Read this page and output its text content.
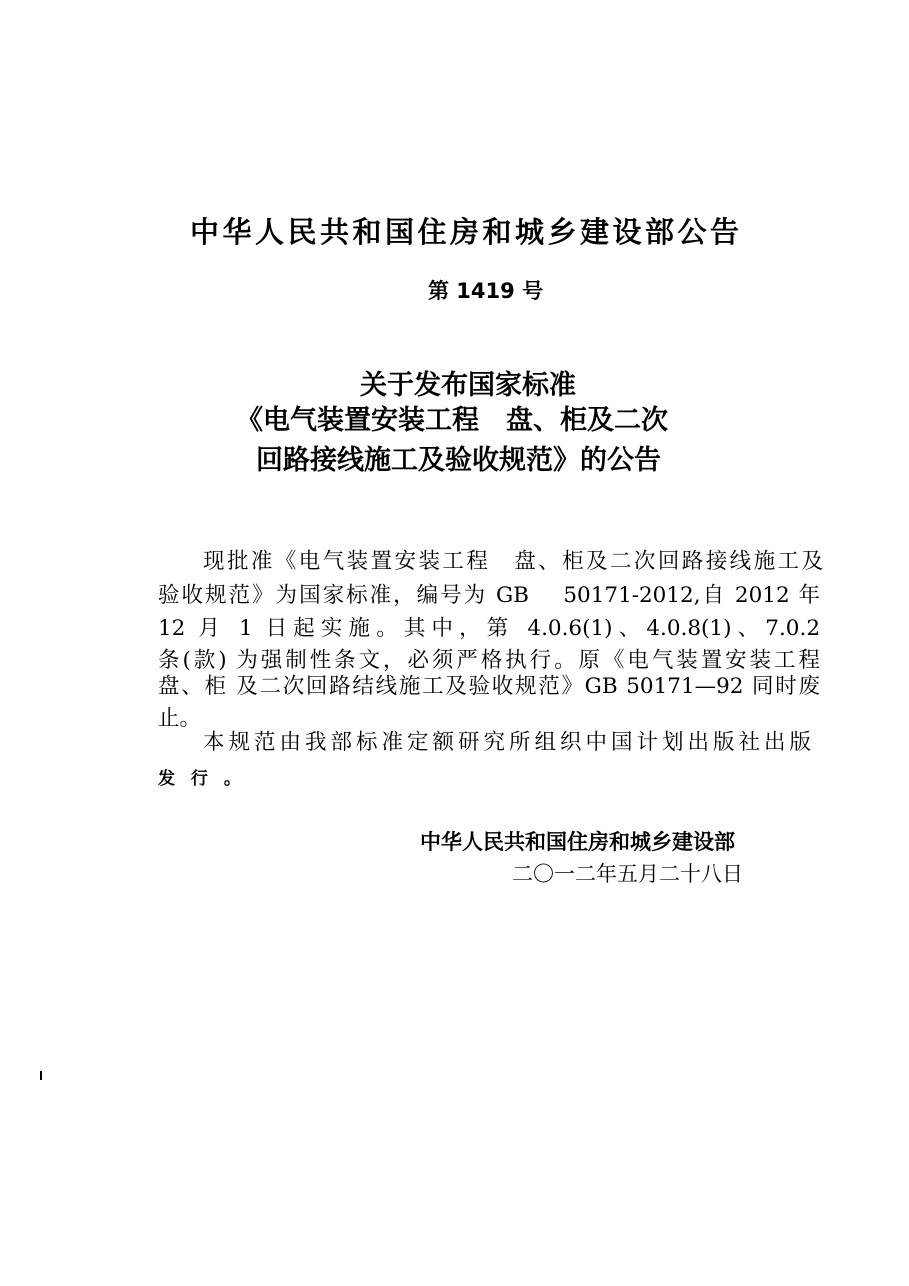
中华人民共和国住房和城乡建设部公告
第 1419 号
关于发布国家标准
《电气装置安装工程　盘、柜及二次
回路接线施工及验收规范》的公告
现批准《电气装置安装工程　盘、柜及二次回路接线施工及
验收规范》为国家标准，编号为 GB　 50171-2012,自 2012 年
12 月 1 日起实施。其中，第 4.0.6(1)、4.0.8(1)、7.0.2
条(款) 为强制性条文，必须严格执行。原《电气装置安装工程
盘、柜 及二次回路结线施工及验收规范》GB 50171—92 同时废
止。
本规范由我部标准定额研究所组织中国计划出版社出版
发 行 。
中华人民共和国住房和城乡建设部
二〇一二年五月二十八日
